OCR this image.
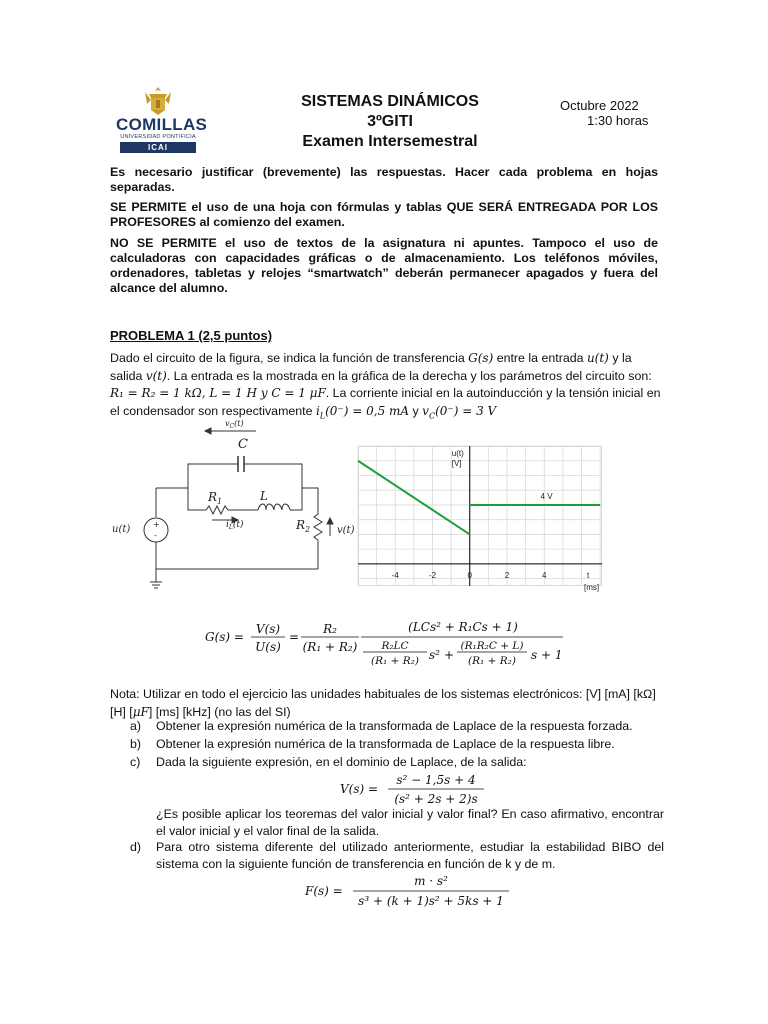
COMILLAS
UNIVERSIDAD PONTIFICIA
ICAI
SISTEMAS DINÁMICOS
3ºGITI
Examen Intersemestral
Octubre 2022
1:30 horas
Es necesario justificar (brevemente) las respuestas. Hacer cada problema en hojas separadas.
SE PERMITE el uso de una hoja con fórmulas y tablas QUE SERÁ ENTREGADA POR LOS PROFESORES al comienzo del examen.
NO SE PERMITE el uso de textos de la asignatura ni apuntes. Tampoco el uso de calculadoras con capacidades gráficas o de almacenamiento. Los teléfonos móviles, ordenadores, tabletas y relojes “smartwatch” deberán permanecer apagados y fuera del alcance del alumno.
PROBLEMA 1 (2,5 puntos)
Dado el circuito de la figura, se indica la función de transferencia G(s) entre la entrada u(t) y la salida v(t). La entrada es la mostrada en la gráfica de la derecha y los parámetros del circuito son: R₁ = R₂ = 1 kΩ, L = 1 H y C = 1 μF. La corriente inicial en la autoinducción y la tensión inicial en el condensador son respectivamente $i_L(0^-) = 0,5$ mA y $v_C(0^-) = 3$ V
$v_C(t)$
C
$R_1$	L
$i_L(t)$	$R_2$
u(t)	v(t)
+
-
-4	-2	0	2	4
u(t)
[V]
t
[ms]
4 V
G(s) =
V(s)
U(s)
=
R₂
(R₁ + R₂)
(LCs² + R₁Cs + 1)
R₂LC
(R₁ + R₂) s² +
(R₁R₂C + L)
(R₁ + R₂) s + 1
Nota: Utilizar en todo el ejercicio las unidades habituales de los sistemas electrónicos: [V] [mA] [kΩ] [H] [μF] [ms] [kHz] (no las del SI)
a) Obtener la expresión numérica de la transformada de Laplace de la respuesta forzada.
b) Obtener la expresión numérica de la transformada de Laplace de la respuesta libre.
c) Dada la siguiente expresión, en el dominio de Laplace, de la salida:
V(s) =
s² − 1,5s + 4
(s² + 2s + 2)s
¿Es posible aplicar los teoremas del valor inicial y valor final? En caso afirmativo, encontrar el valor inicial y el valor final de la salida.
d) Para otro sistema diferente del utilizado anteriormente, estudiar la estabilidad BIBO del sistema con la siguiente función de transferencia en función de k y de m.
F(s) =
m · s²
s³ + (k + 1)s² + 5ks + 1
